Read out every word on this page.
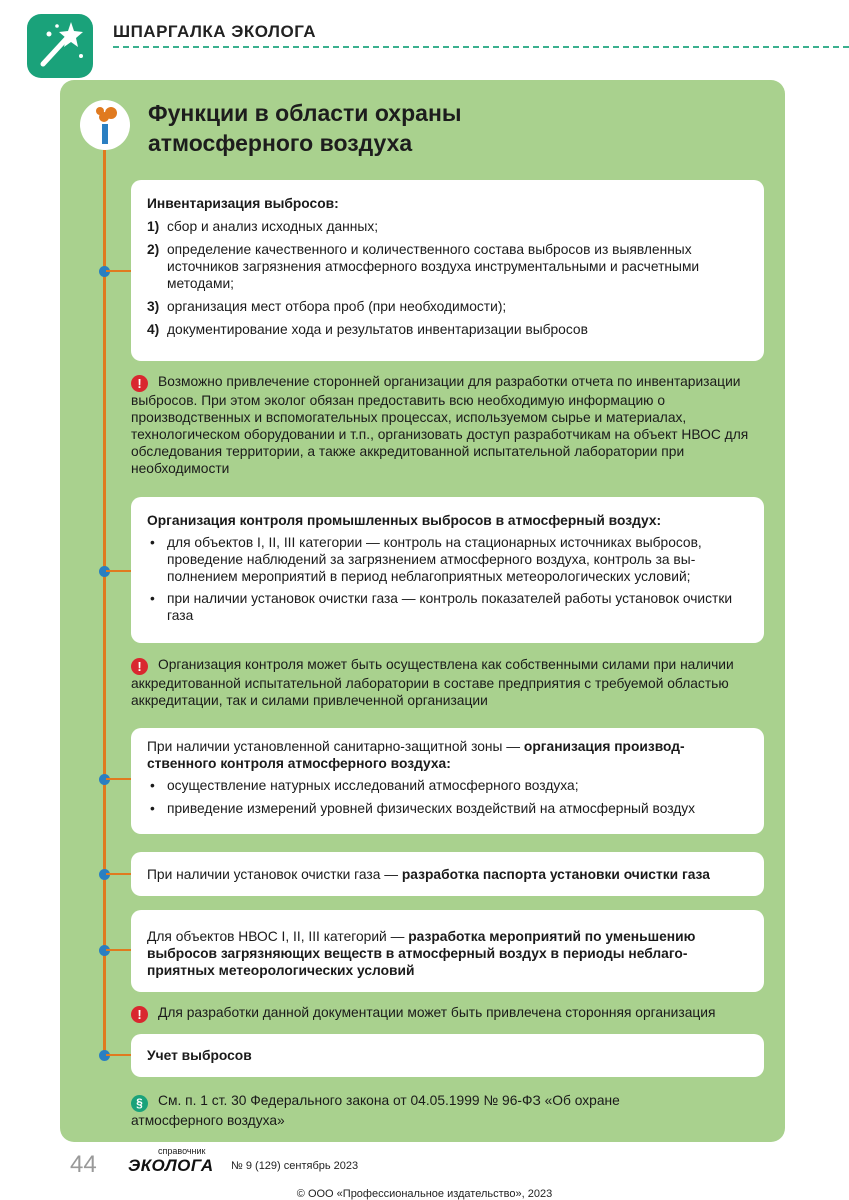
ШПАРГАЛКА ЭКОЛОГА
Функции в области охраны
атмосферного воздуха
Инвентаризация выбросов:
1) сбор и анализ исходных данных;
2) определение качественного и количественного состава выбросов из выявленных источников загрязнения атмосферного воздуха инструментальными и расчетными методами;
3) организация мест отбора проб (при необходимости);
4) документирование хода и результатов инвентаризации выбросов
! Возможно привлечение сторонней организации для разработки отчета по инвентаризации выбросов. При этом эколог обязан предоставить всю необходимую информацию о производственных и вспомогательных процессах, используемом сырье и материалах, технологическом оборудовании и т.п., организовать доступ разработчикам на объект НВОС для обследования территории, а также аккредитованной испытательной лаборатории при необходимости
Организация контроля промышленных выбросов в атмосферный воздух:
• для объектов I, II, III категории — контроль на стационарных источниках выбросов, проведение наблюдений за загрязнением атмосферного воздуха, контроль за выполнением мероприятий в период неблагоприятных метеорологических условий;
• при наличии установок очистки газа — контроль показателей работы установок очистки газа
! Организация контроля может быть осуществлена как собственными силами при наличии аккредитованной испытательной лаборатории в составе предприятия с требуемой областью аккредитации, так и силами привлеченной организации
При наличии установленной санитарно-защитной зоны — организация производственного контроля атмосферного воздуха:
• осуществление натурных исследований атмосферного воздуха;
• приведение измерений уровней физических воздействий на атмосферный воздух
При наличии установок очистки газа — разработка паспорта установки очистки газа
Для объектов НВОС I, II, III категорий — разработка мероприятий по уменьшению выбросов загрязняющих веществ в атмосферный воздух в периоды неблагоприятных метеорологических условий
! Для разработки данной документации может быть привлечена сторонняя организация
Учет выбросов
§ См. п. 1 ст. 30 Федерального закона от 04.05.1999 № 96-ФЗ «Об охране атмосферного воздуха»
44	справочник
ЭКОЛОГА № 9 (129) сентябрь 2023
© ООО «Профессиональное издательство», 2023
